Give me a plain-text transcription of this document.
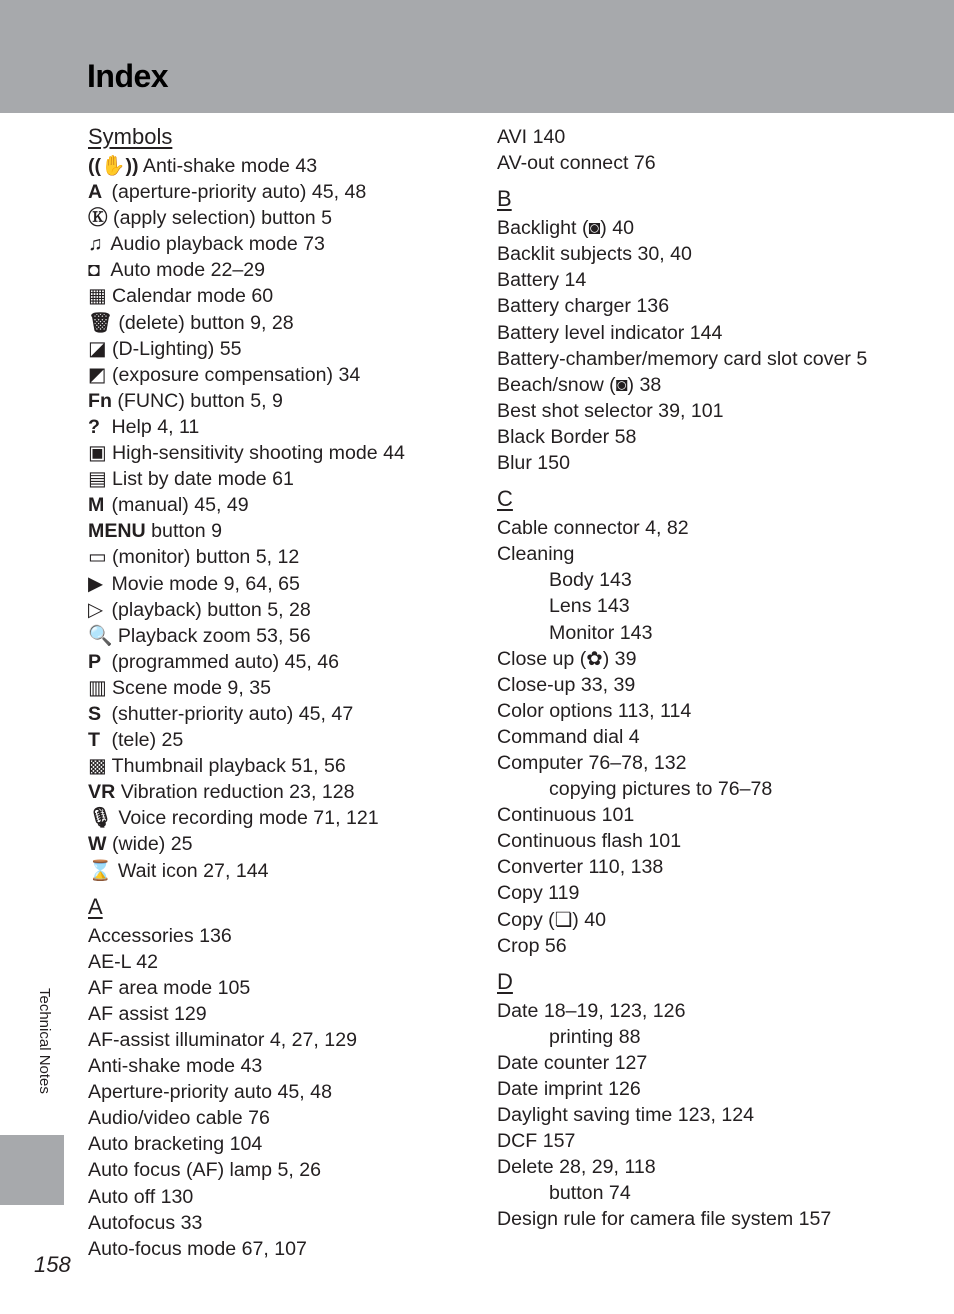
Index
Symbols
((✋)) Anti-shake mode 43
A (aperture-priority auto) 45, 48
Ⓚ (apply selection) button 5
♫ Audio playback mode 73
◘ Auto mode 22–29
▦ Calendar mode 60
🗑 (delete) button 9, 28
◪ (D-Lighting) 55
◩ (exposure compensation) 34
Fn (FUNC) button 5, 9
? Help 4, 11
▣ High-sensitivity shooting mode 44
▤ List by date mode 61
M (manual) 45, 49
MENU button 9
▭ (monitor) button 5, 12
▶ Movie mode 9, 64, 65
▷ (playback) button 5, 28
🔍 Playback zoom 53, 56
P (programmed auto) 45, 46
▥ Scene mode 9, 35
S (shutter-priority auto) 45, 47
T (tele) 25
▩ Thumbnail playback 51, 56
VR Vibration reduction 23, 128
🎙 Voice recording mode 71, 121
W (wide) 25
⌛ Wait icon 27, 144
A
Accessories 136
AE-L 42
AF area mode 105
AF assist 129
AF-assist illuminator 4, 27, 129
Anti-shake mode 43
Aperture-priority auto 45, 48
Audio/video cable 76
Auto bracketing 104
Auto focus (AF) lamp 5, 26
Auto off 130
Autofocus 33
Auto-focus mode 67, 107
AVI 140
AV-out connect 76
B
Backlight (◙) 40
Backlit subjects 30, 40
Battery 14
Battery charger 136
Battery level indicator 144
Battery-chamber/memory card slot cover 5
Beach/snow (◙) 38
Best shot selector 39, 101
Black Border 58
Blur 150
C
Cable connector 4, 82
Cleaning
Body 143
Lens 143
Monitor 143
Close up (✿) 39
Close-up 33, 39
Color options 113, 114
Command dial 4
Computer 76–78, 132
copying pictures to 76–78
Continuous 101
Continuous flash 101
Converter 110, 138
Copy 119
Copy (❏) 40
Crop 56
D
Date 18–19, 123, 126
printing 88
Date counter 127
Date imprint 126
Daylight saving time 123, 124
DCF 157
Delete 28, 29, 118
button 74
Design rule for camera file system 157
Technical Notes
158
